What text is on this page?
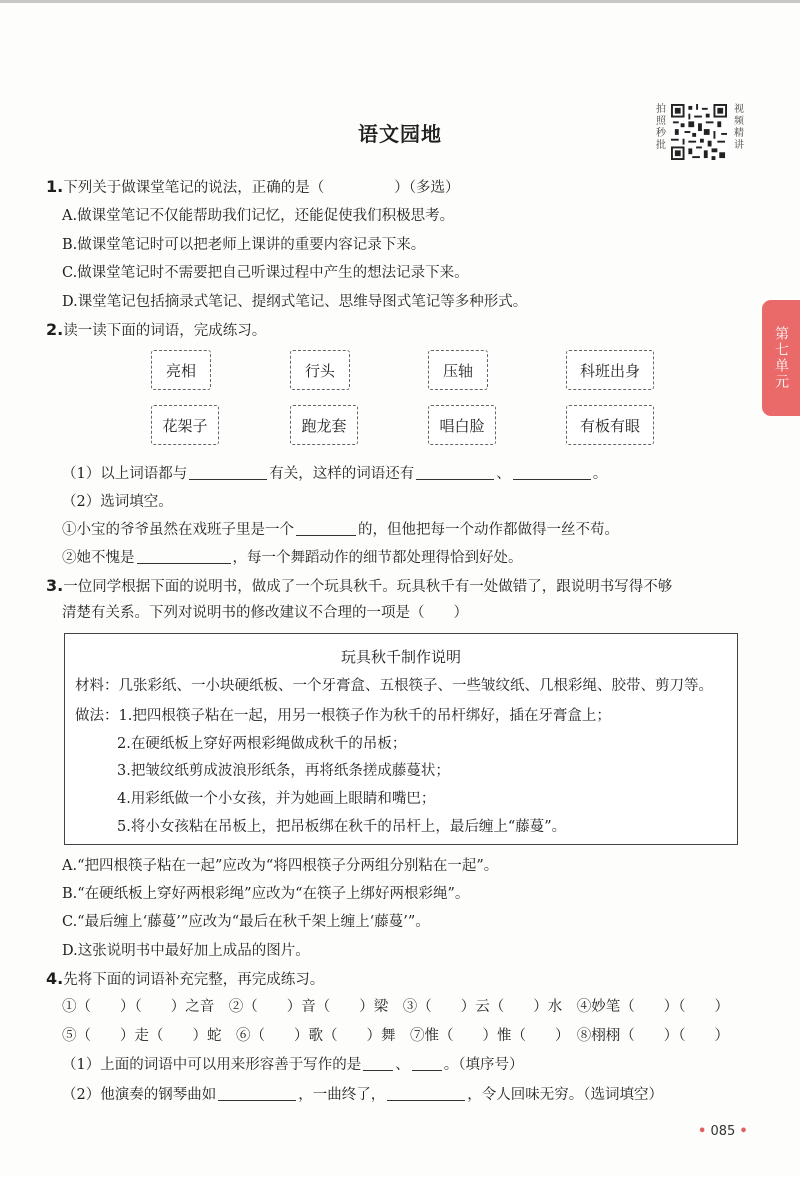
语文园地
拍照秒批
视频精讲
第七单元
1.下列关于做课堂笔记的说法，正确的是（	）（多选）
A.做课堂笔记不仅能帮助我们记忆，还能促使我们积极思考。
B.做课堂笔记时可以把老师上课讲的重要内容记录下来。
C.做课堂笔记时不需要把自己听课过程中产生的想法记录下来。
D.课堂笔记包括摘录式笔记、提纲式笔记、思维导图式笔记等多种形式。
2.读一读下面的词语，完成练习。
亮相	行头	压轴	科班出身
花架子	跑龙套	唱白脸	有板有眼
（1）以上词语都与	有关，这样的词语还有	、	。
（2）选词填空。
①小宝的爷爷虽然在戏班子里是一个	的，但他把每一个动作都做得一丝不苟。
②她不愧是	，每一个舞蹈动作的细节都处理得恰到好处。
3.一位同学根据下面的说明书，做成了一个玩具秋千。玩具秋千有一处做错了，跟说明书写得不够
清楚有关系。下列对说明书的修改建议不合理的一项是（　　）
玩具秋千制作说明
材料：几张彩纸、一小块硬纸板、一个牙膏盒、五根筷子、一些皱纹纸、几根彩绳、胶带、剪刀等。
做法：1.把四根筷子粘在一起，用另一根筷子作为秋千的吊杆绑好，插在牙膏盒上；
2.在硬纸板上穿好两根彩绳做成秋千的吊板；
3.把皱纹纸剪成波浪形纸条，再将纸条搓成藤蔓状；
4.用彩纸做一个小女孩，并为她画上眼睛和嘴巴；
5.将小女孩粘在吊板上，把吊板绑在秋千的吊杆上，最后缠上“藤蔓”。
A.“把四根筷子粘在一起”应改为“将四根筷子分两组分别粘在一起”。
B.“在硬纸板上穿好两根彩绳”应改为“在筷子上绑好两根彩绳”。
C.“最后缠上‘藤蔓’”应改为“最后在秋千架上缠上‘藤蔓’”。
D.这张说明书中最好加上成品的图片。
4.先将下面的词语补充完整，再完成练习。
①（　　）（　　）之音　②（　　）音（　　）梁　③（　　）云（　　）水　④妙笔（　　）（　　）
⑤（　　）走（　　）蛇　⑥（　　）歌（　　）舞　⑦惟（　　）惟（　　）　⑧栩栩（　　）（　　）
（1）上面的词语中可以用来形容善于写作的是 、 。（填序号）
（2）他演奏的钢琴曲如	，一曲终了，	，令人回味无穷。（选词填空）
• 085 •
